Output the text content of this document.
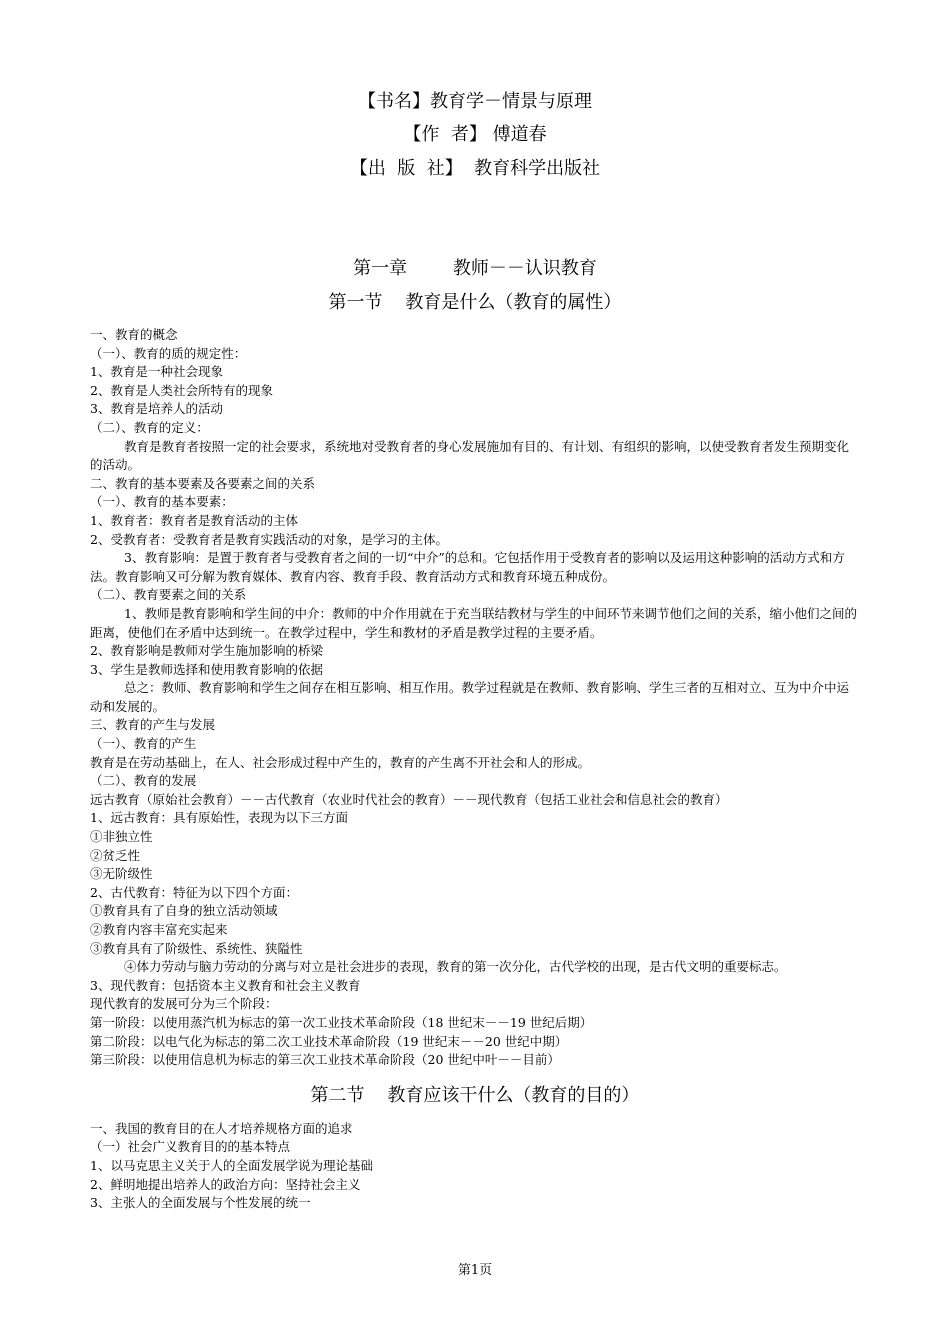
【书名】教育学－情景与原理
【作  者】 傅道春
【出  版  社】  教育科学出版社
第一章        教师－－认识教育
第一节    教育是什么（教育的属性）

一、教育的概念

（一）、教育的质的规定性：

1、教育是一种社会现象

2、教育是人类社会所特有的现象

3、教育是培养人的活动

（二）、教育的定义：

教育是教育者按照一定的社会要求，系统地对受教育者的身心发展施加有目的、有计划、有组织的影响，以使受教育者发生预期变化的活动。

二、教育的基本要素及各要素之间的关系

（一）、教育的基本要素：

1、教育者：教育者是教育活动的主体

2、受教育者：受教育者是教育实践活动的对象，是学习的主体。

3、教育影响：是置于教育者与受教育者之间的一切“中介”的总和。它包括作用于受教育者的影响以及运用这种影响的活动方式和方法。教育影响又可分解为教育媒体、教育内容、教育手段、教育活动方式和教育环境五种成份。

（二）、教育要素之间的关系

1、教师是教育影响和学生间的中介：教师的中介作用就在于充当联结教材与学生的中间环节来调节他们之间的关系，缩小他们之间的距离，使他们在矛盾中达到统一。在教学过程中，学生和教材的矛盾是教学过程的主要矛盾。

2、教育影响是教师对学生施加影响的桥梁

3、学生是教师选择和使用教育影响的依据

总之：教师、教育影响和学生之间存在相互影响、相互作用。教学过程就是在教师、教育影响、学生三者的互相对立、互为中介中运动和发展的。

三、教育的产生与发展

（一）、教育的产生

教育是在劳动基础上，在人、社会形成过程中产生的，教育的产生离不开社会和人的形成。

（二）、教育的发展

远古教育（原始社会教育）－－古代教育（农业时代社会的教育）－－现代教育（包括工业社会和信息社会的教育）

1、远古教育：具有原始性，表现为以下三方面

①非独立性

②贫乏性

③无阶级性

2、古代教育：特征为以下四个方面：

①教育具有了自身的独立活动领域

②教育内容丰富充实起来

③教育具有了阶级性、系统性、狭隘性

④体力劳动与脑力劳动的分离与对立是社会进步的表现，教育的第一次分化，古代学校的出现，是古代文明的重要标志。

3、现代教育：包括资本主义教育和社会主义教育

现代教育的发展可分为三个阶段：

第一阶段：以使用蒸汽机为标志的第一次工业技术革命阶段（18 世纪末－－19 世纪后期）

第二阶段：以电气化为标志的第二次工业技术革命阶段（19 世纪末－－20 世纪中期）

第三阶段：以使用信息机为标志的第三次工业技术革命阶段（20 世纪中叶－－目前）

第二节    教育应该干什么（教育的目的）

一、我国的教育目的在人才培养规格方面的追求

（一）社会广义教育目的的基本特点

1、以马克思主义关于人的全面发展学说为理论基础

2、鲜明地提出培养人的政治方向：坚持社会主义

3、主张人的全面发展与个性发展的统一

第1页
